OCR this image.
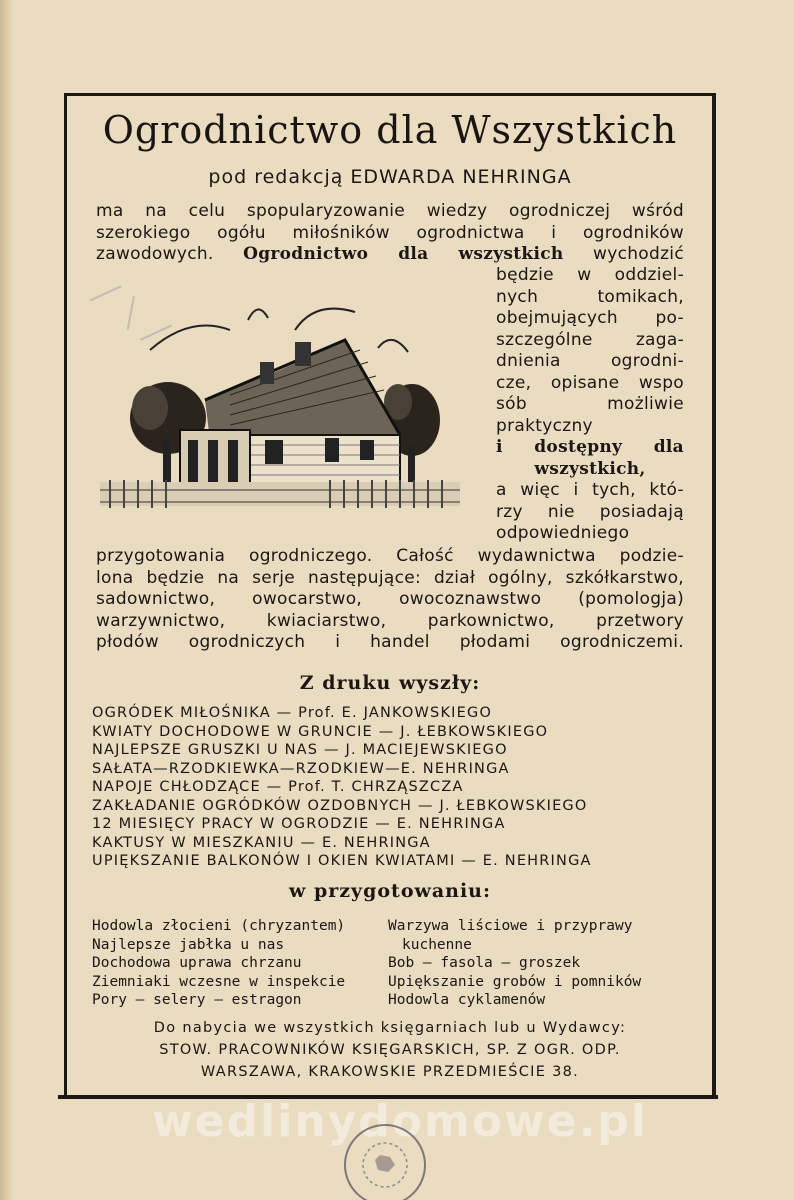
Ogrodnictwo dla Wszystkich
pod redakcją EDWARDA NEHRINGA
ma na celu spopularyzowanie wiedzy ogrodniczej wśród
szerokiego ogółu miłośników ogrodnictwa i ogrodników
zawodowych. Ogrodnictwo dla wszystkich wychodzić
będzie w oddziel-
nych tomikach,
obejmujących po-
szczególne zaga-
dnienia ogrodni-
cze, opisane wspo
sób możliwie
praktyczny
i dostępny dla
wszystkich,
a więc i tych, któ-
rzy nie posiadają
odpowiedniego
przygotowania ogrodniczego. Całość wydawnictwa podzie-
lona będzie na serje następujące: dział ogólny, szkółkarstwo,
sadownictwo, owocarstwo, owocoznawstwo (pomologja)
warzywnictwo, kwiaciarstwo, parkownictwo, przetwory
płodów ogrodniczych i handel płodami ogrodniczemi.
Z druku wyszły:
OGRÓDEK MIŁOŚNIKA — Prof. E. JANKOWSKIEGO
KWIATY DOCHODOWE W GRUNCIE — J. ŁEBKOWSKIEGO
NAJLEPSZE GRUSZKI U NAS — J. MACIEJEWSKIEGO
SAŁATA—RZODKIEWKA—RZODKIEW—E. NEHRINGA
NAPOJE CHŁODZĄCE — Prof. T. CHRZĄSZCZA
ZAKŁADANIE OGRÓDKÓW OZDOBNYCH — J. ŁEBKOWSKIEGO
12 MIESIĘCY PRACY W OGRODZIE — E. NEHRINGA
KAKTUSY W MIESZKANIU — E. NEHRINGA
UPIĘKSZANIE BALKONÓW I OKIEN KWIATAMI — E. NEHRINGA
w przygotowaniu:
Hodowla złocieni (chryzantem)
Najlepsze jabłka u nas
Dochodowa uprawa chrzanu
Ziemniaki wczesne w inspekcie
Pory — selery — estragon
Warzywa liściowe i przyprawy
kuchenne
Bob — fasola — groszek
Upiększanie grobów i pomników
Hodowla cyklamenów
Do nabycia we wszystkich księgarniach lub u Wydawcy:
STOW. PRACOWNIKÓW KSIĘGARSKICH, SP. Z OGR. ODP.
WARSZAWA, KRAKOWSKIE PRZEDMIEŚCIE 38.
wedlinydomowe.pl
╱ ╲ ╱
